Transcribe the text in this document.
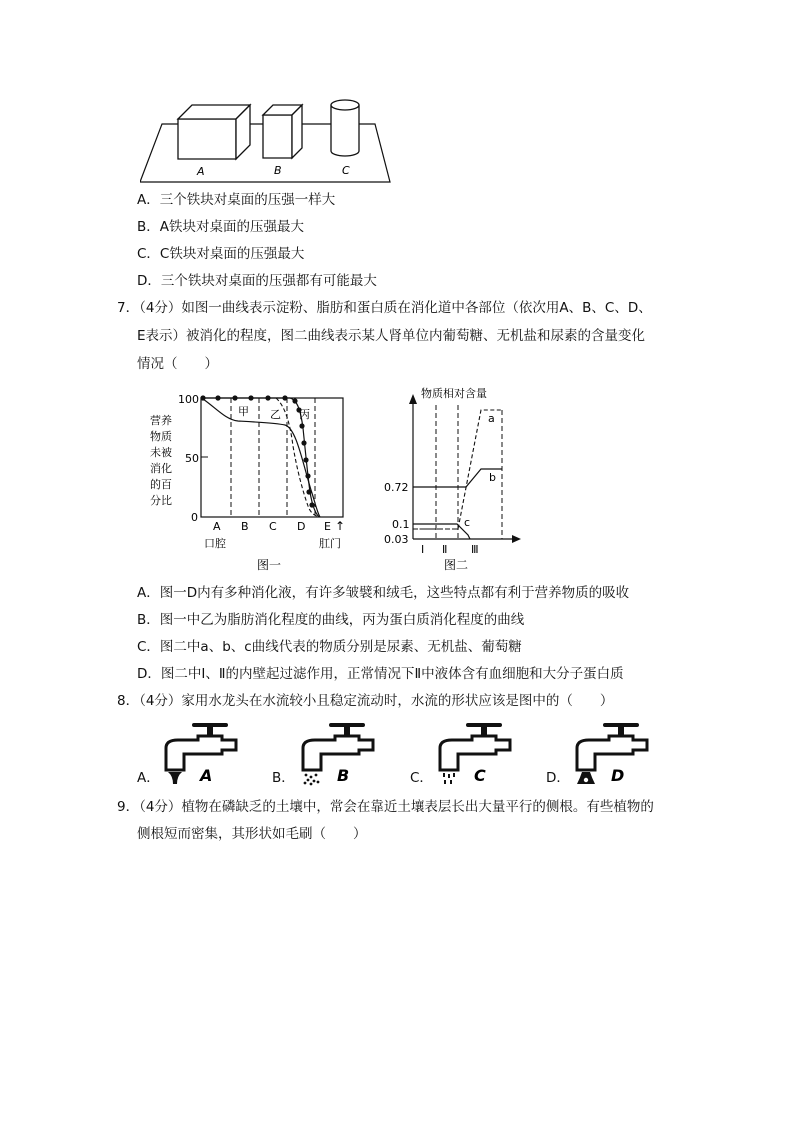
A	B	C
A．三个铁块对桌面的压强一样大
B．A铁块对桌面的压强最大
C．C铁块对桌面的压强最大
D．三个铁块对桌面的压强都有可能最大
7．（4分）如图一曲线表示淀粉、脂肪和蛋白质在消化道中各部位（依次用A、B、C、D、
E表示）被消化的程度，图二曲线表示某人肾单位内葡萄糖、无机盐和尿素的含量变化
情况（　　）
营养
物质
未被
消化
的百
分比
100
50
0
甲 乙 丙
A B C D E ↑
口腔	肛门
图一
物质相对含量
0.72
0.1
0.03
a
b
c
Ⅰ Ⅱ Ⅲ
图二
A．图一D内有多种消化液，有许多皱襞和绒毛，这些特点都有利于营养物质的吸收
B．图一中乙为脂肪消化程度的曲线，丙为蛋白质消化程度的曲线
C．图二中a、b、c曲线代表的物质分别是尿素、无机盐、葡萄糖
D．图二中Ⅰ、Ⅱ的内壁起过滤作用，正常情况下Ⅱ中液体含有血细胞和大分子蛋白质
8．（4分）家用水龙头在水流较小且稳定流动时，水流的形状应该是图中的（　　）
A．	B．	C．	D．
A	B	C	D
9．（4分）植物在磷缺乏的土壤中，常会在靠近土壤表层长出大量平行的侧根。有些植物的
侧根短而密集，其形状如毛刷（　　）
